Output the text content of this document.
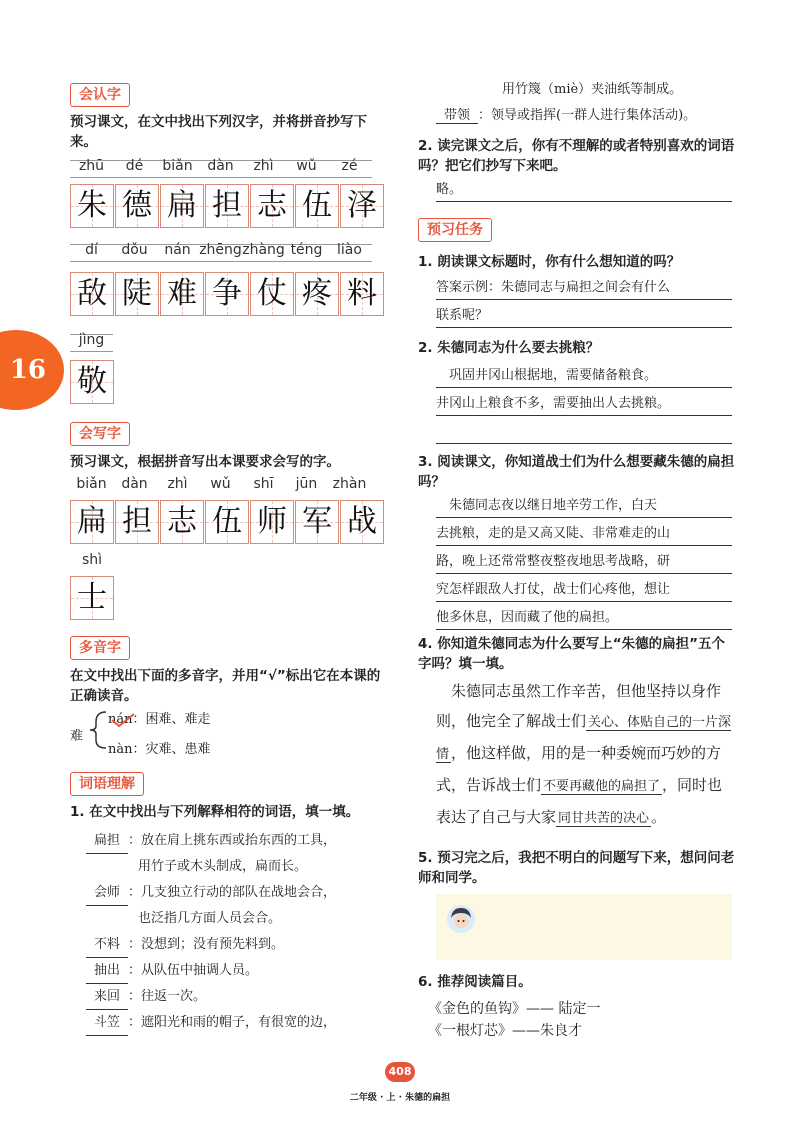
会认字
预习课文，在文中找出下列汉字，并将拼音抄写下来。
zhū	dé	biǎn	dàn	zhì	wǔ	zé
朱 德 扁 担 志 伍 泽
dí	dǒu	nán zhēng zhàng téng	liào
敌 陡 难 争 仗 疼 料
jìng
敬
16
会写字
预习课文，根据拼音写出本课要求会写的字。
biǎn	dàn	zhì	wǔ	shī	jūn	zhàn
扁 担 志 伍 师 军 战
shì
士
多音字
在文中找出下面的多音字，并用“√”标出它在本课的正确读音。
难
nán：困难、难走
nàn：灾难、患难
词语理解
1. 在文中找出与下列解释相符的词语，填一填。
扁担 ：放在肩上挑东西或抬东西的工具，
用竹子或木头制成，扁而长。
会师 ：几支独立行动的部队在战地会合，
也泛指几方面人员会合。
不料 ：没想到；没有预先料到。
抽出 ：从队伍中抽调人员。
来回 ：往返一次。
斗笠 ：遮阳光和雨的帽子，有很宽的边，
用竹篾（miè）夹油纸等制成。
带领 ：领导或指挥(一群人进行集体活动)。
2. 读完课文之后，你有不理解的或者特别喜欢的词语吗？把它们抄写下来吧。
略。
预习任务
1. 朗读课文标题时，你有什么想知道的吗？
答案示例：朱德同志与扁担之间会有什么
联系呢？
2. 朱德同志为什么要去挑粮？
　巩固井冈山根据地，需要储备粮食。
井冈山上粮食不多，需要抽出人去挑粮。
3. 阅读课文，你知道战士们为什么想要藏朱德的扁担吗？
　朱德同志夜以继日地辛劳工作，白天
去挑粮，走的是又高又陡、非常难走的山
路，晚上还常常整夜整夜地思考战略，研
究怎样跟敌人打仗，战士们心疼他，想让
他多休息，因而藏了他的扁担。
4. 你知道朱德同志为什么要写上“朱德的扁担”五个字吗？填一填。
　朱德同志虽然工作辛苦，但他坚持以身作则，他完全了解战士们 关心、体贴自己的一片深情 ，他这样做，用的是一种委婉而巧妙的方式，告诉战士们 不要再藏他的扁担了 ，同时也表达了自己与大家 同甘共苦的决心 。
5. 预习完之后，我把不明白的问题写下来，想问问老师和同学。
6. 推荐阅读篇目。
《金色的鱼钩》—— 陆定一
《一根灯芯》——朱良才
408
二年级 · 上 · 朱德的扁担
